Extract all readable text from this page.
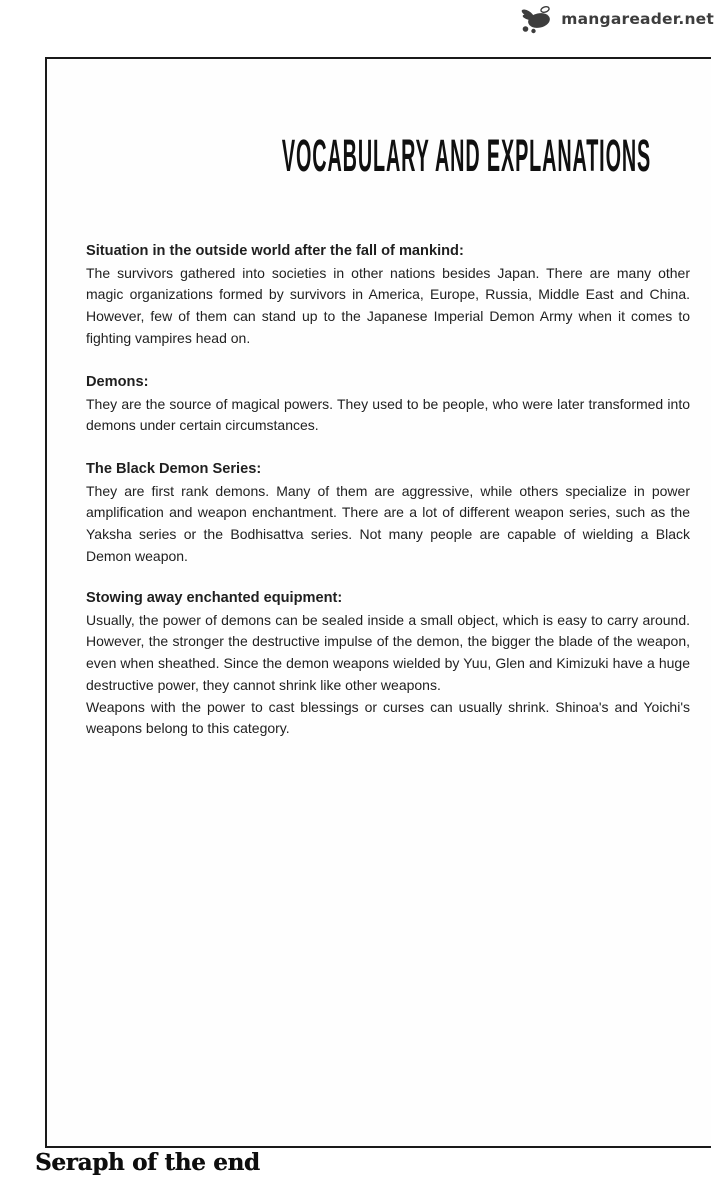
mangareader.net
VOCABULARY AND EXPLANATIONS
Situation in the outside world after the fall of mankind:

The survivors gathered into societies in other nations besides Japan. There are many other magic organizations formed by survivors in America, Europe, Russia, Middle East and China. However, few of them can stand up to the Japanese Imperial Demon Army when it comes to fighting vampires head on.

Demons:

They are the source of magical powers. They used to be people, who were later transformed into demons under certain circumstances.

The Black Demon Series:

They are first rank demons. Many of them are aggressive, while others specialize in power amplification and weapon enchantment. There are a lot of different weapon series, such as the Yaksha series or the Bodhisattva series. Not many people are capable of wielding a Black Demon weapon.

Stowing away enchanted equipment:

Usually, the power of demons can be sealed inside a small object, which is easy to carry around. However, the stronger the destructive impulse of the demon, the bigger the blade of the weapon, even when sheathed. Since the demon weapons wielded by Yuu, Glen and Kimizuki have a huge destructive power, they cannot shrink like other weapons.

Weapons with the power to cast blessings or curses can usually shrink. Shinoa's and Yoichi's weapons belong to this category.

Seraph of the end
